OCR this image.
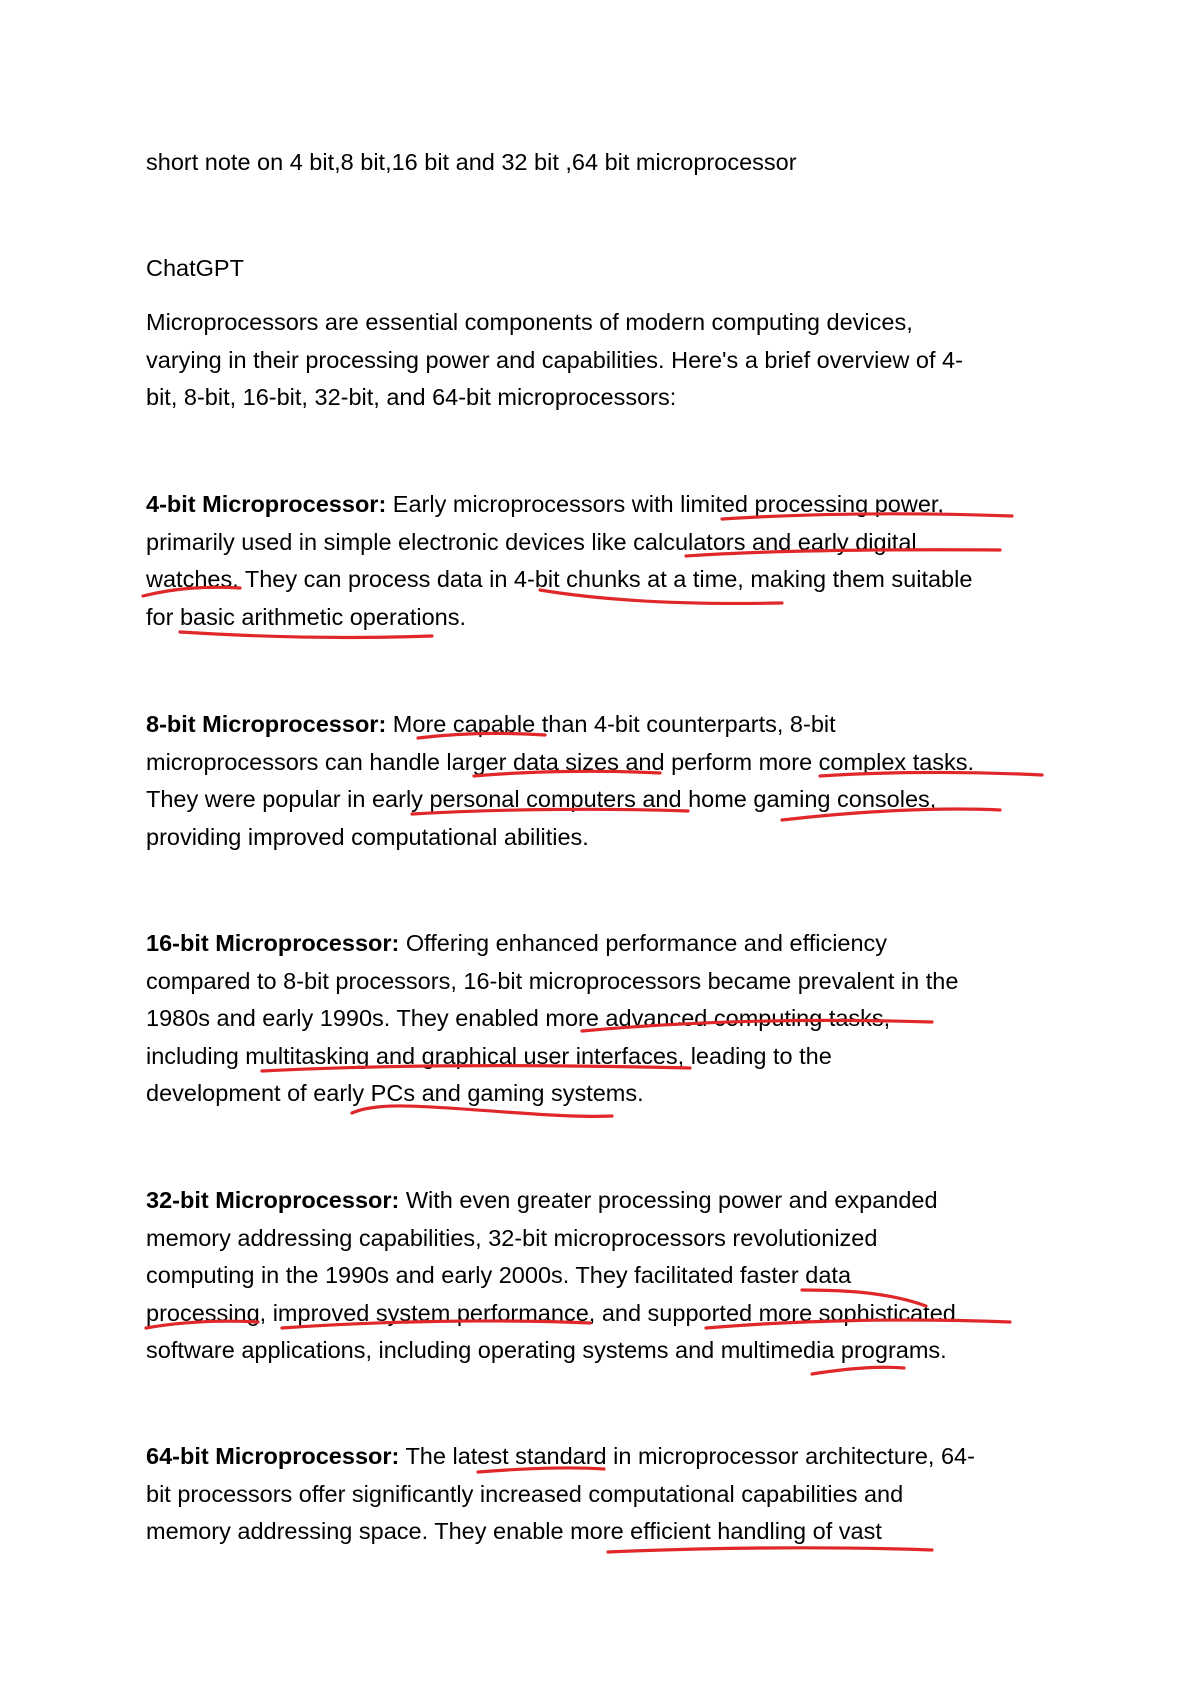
short note on 4 bit,8 bit,16 bit and 32 bit ,64 bit microprocessor
ChatGPT
Microprocessors are essential components of modern computing devices,
varying in their processing power and capabilities. Here's a brief overview of 4-
bit, 8-bit, 16-bit, 32-bit, and 64-bit microprocessors:
4-bit Microprocessor: Early microprocessors with limited processing power,
primarily used in simple electronic devices like calculators and early digital
watches. They can process data in 4-bit chunks at a time, making them suitable
for basic arithmetic operations.
8-bit Microprocessor: More capable than 4-bit counterparts, 8-bit
microprocessors can handle larger data sizes and perform more complex tasks.
They were popular in early personal computers and home gaming consoles,
providing improved computational abilities.
16-bit Microprocessor: Offering enhanced performance and efficiency
compared to 8-bit processors, 16-bit microprocessors became prevalent in the
1980s and early 1990s. They enabled more advanced computing tasks,
including multitasking and graphical user interfaces, leading to the
development of early PCs and gaming systems.
32-bit Microprocessor: With even greater processing power and expanded
memory addressing capabilities, 32-bit microprocessors revolutionized
computing in the 1990s and early 2000s. They facilitated faster data
processing, improved system performance, and supported more sophisticated
software applications, including operating systems and multimedia programs.
64-bit Microprocessor: The latest standard in microprocessor architecture, 64-
bit processors offer significantly increased computational capabilities and
memory addressing space. They enable more efficient handling of vast
